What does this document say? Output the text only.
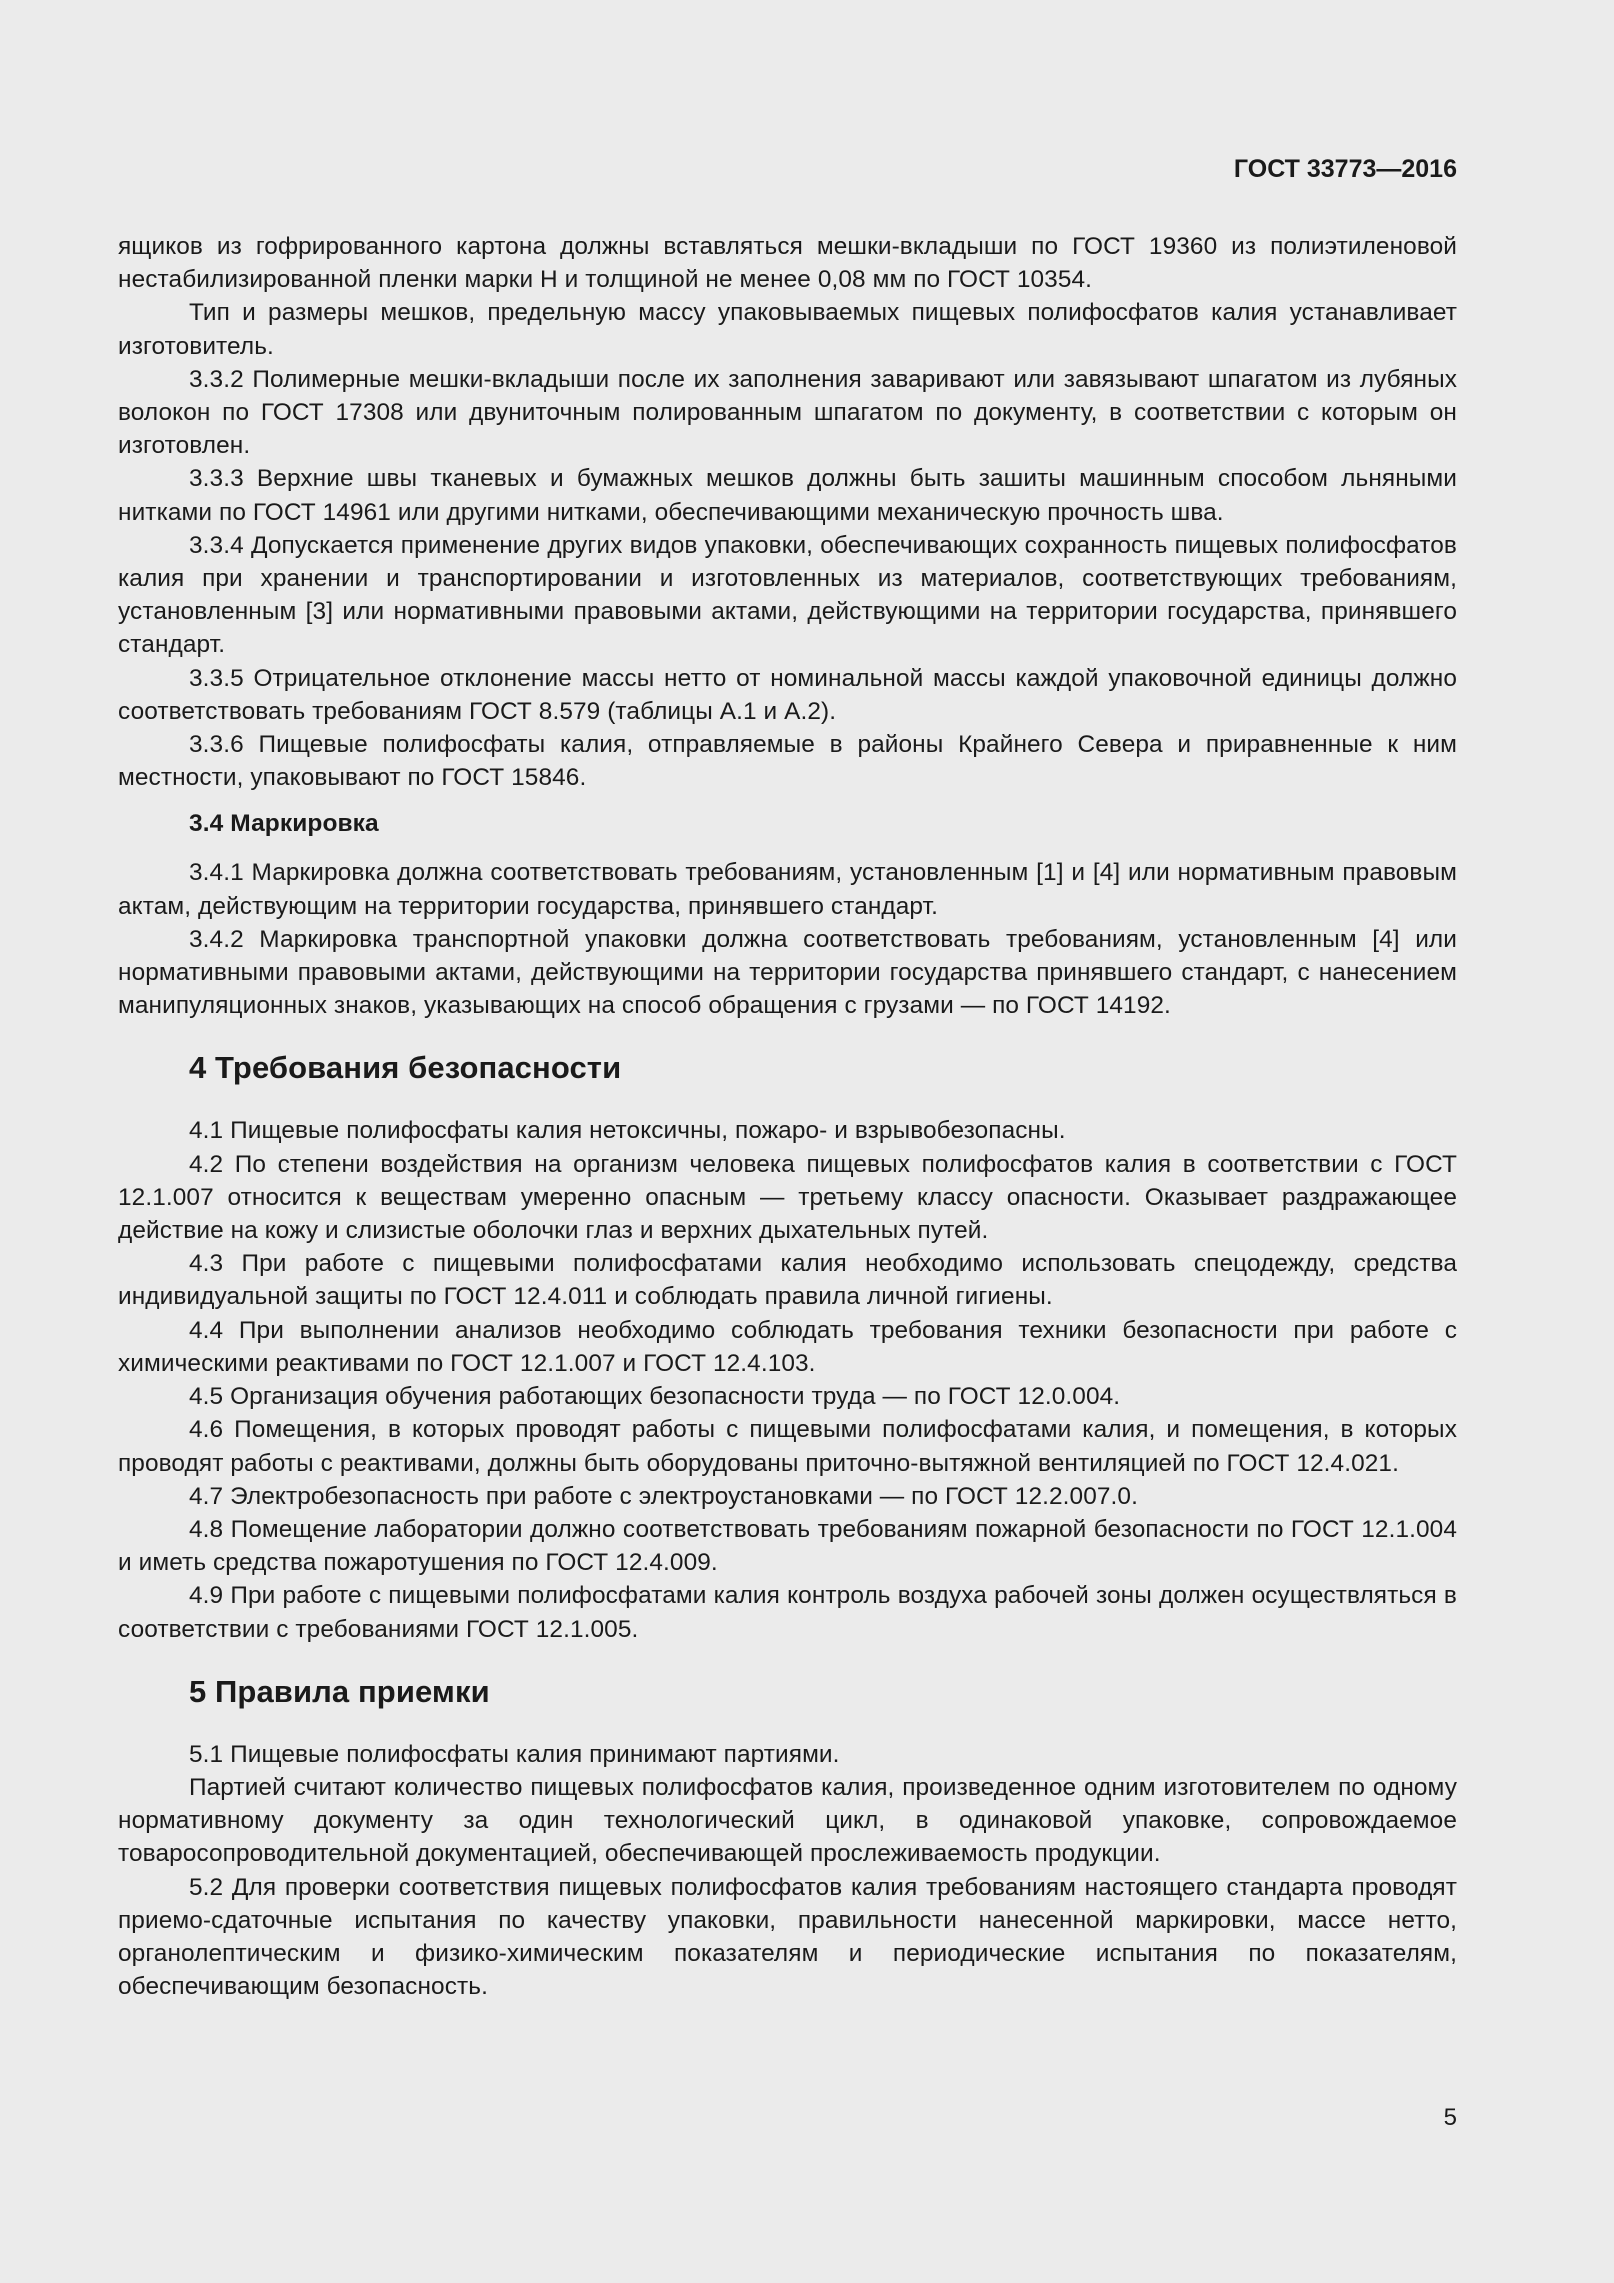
ГОСТ 33773—2016

ящиков из гофрированного картона должны вставляться мешки-вкладыши по ГОСТ 19360 из полиэтиленовой нестабилизированной пленки марки Н и толщиной не менее 0,08 мм по ГОСТ 10354.

Тип и размеры мешков, предельную массу упаковываемых пищевых полифосфатов калия устанавливает изготовитель.

3.3.2 Полимерные мешки-вкладыши после их заполнения заваривают или завязывают шпагатом из лубяных волокон по ГОСТ 17308 или двуниточным полированным шпагатом по документу, в соответствии с которым он изготовлен.

3.3.3 Верхние швы тканевых и бумажных мешков должны быть зашиты машинным способом льняными нитками по ГОСТ 14961 или другими нитками, обеспечивающими механическую прочность шва.

3.3.4 Допускается применение других видов упаковки, обеспечивающих сохранность пищевых полифосфатов калия при хранении и транспортировании и изготовленных из материалов, соответствующих требованиям, установленным [3] или нормативными правовыми актами, действующими на территории государства, принявшего стандарт.

3.3.5 Отрицательное отклонение массы нетто от номинальной массы каждой упаковочной единицы должно соответствовать требованиям ГОСТ 8.579 (таблицы А.1 и А.2).

3.3.6 Пищевые полифосфаты калия, отправляемые в районы Крайнего Севера и приравненные к ним местности, упаковывают по ГОСТ 15846.

3.4 Маркировка

3.4.1 Маркировка должна соответствовать требованиям, установленным [1] и [4] или нормативным правовым актам, действующим на территории государства, принявшего стандарт.

3.4.2 Маркировка транспортной упаковки должна соответствовать требованиям, установленным [4] или нормативными правовыми актами, действующими на территории государства принявшего стандарт, с нанесением манипуляционных знаков, указывающих на способ обращения с грузами — по ГОСТ 14192.

4 Требования безопасности

4.1 Пищевые полифосфаты калия нетоксичны, пожаро- и взрывобезопасны.

4.2 По степени воздействия на организм человека пищевых полифосфатов калия в соответствии с ГОСТ 12.1.007 относится к веществам умеренно опасным — третьему классу опасности. Оказывает раздражающее действие на кожу и слизистые оболочки глаз и верхних дыхательных путей.

4.3 При работе с пищевыми полифосфатами калия необходимо использовать спецодежду, средства индивидуальной защиты по ГОСТ 12.4.011 и соблюдать правила личной гигиены.

4.4 При выполнении анализов необходимо соблюдать требования техники безопасности при работе с химическими реактивами по ГОСТ 12.1.007 и ГОСТ 12.4.103.

4.5 Организация обучения работающих безопасности труда — по ГОСТ 12.0.004.

4.6 Помещения, в которых проводят работы с пищевыми полифосфатами калия, и помещения, в которых проводят работы с реактивами, должны быть оборудованы приточно-вытяжной вентиляцией по ГОСТ 12.4.021.

4.7 Электробезопасность при работе с электроустановками — по ГОСТ 12.2.007.0.

4.8 Помещение лаборатории должно соответствовать требованиям пожарной безопасности по ГОСТ 12.1.004 и иметь средства пожаротушения по ГОСТ 12.4.009.

4.9 При работе с пищевыми полифосфатами калия контроль воздуха рабочей зоны должен осуществляться в соответствии с требованиями ГОСТ 12.1.005.

5 Правила приемки

5.1 Пищевые полифосфаты калия принимают партиями.

Партией считают количество пищевых полифосфатов калия, произведенное одним изготовителем по одному нормативному документу за один технологический цикл, в одинаковой упаковке, сопровождаемое товаросопроводительной документацией, обеспечивающей прослеживаемость продукции.

5.2 Для проверки соответствия пищевых полифосфатов калия требованиям настоящего стандарта проводят приемо-сдаточные испытания по качеству упаковки, правильности нанесенной маркировки, массе нетто, органолептическим и физико-химическим показателям и периодические испытания по показателям, обеспечивающим безопасность.

5
